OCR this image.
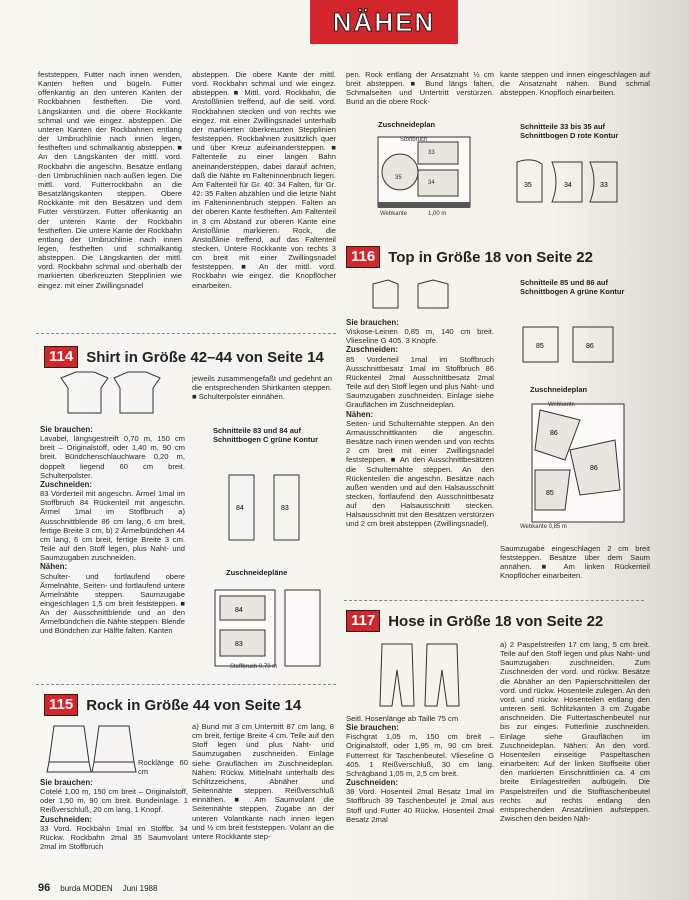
NÄHEN

feststeppen. Futter nach innen wenden, Kanten heften und bügeln. Futter offenkantig an den unteren Kanten der Rockbahnen festheften. Die vord. Längskanten und die obere Rockkante schmal und wie eingez. absteppen. Die unteren Kanten der Rockbahnen entlang der Umbruchlinie nach innen legen, festheften und schmalkantig absteppen. ■ An den Längskanten der mittl. vord. Rockbahn die angeschn. Besätze entlang den Umbruchlinien nach außen legen. Die mittl. vord. Futterrockbahn an die Besatzlängskanten steppen. Obere Rockkante mit den Besätzen und dem Futter verstürzen. Futter offenkantig an der unteren Kante der Rockbahn festheften. Die untere Kante der Rockbahn entlang der Umbruchlinie nach innen legen, festheften und schmalkantig absteppen. Die Längskanten der mittl. vord. Rockbahn schmal und oberhalb der markierten überkreuzten Stepplinien wie eingez. mit einer Zwillingsnadel

absteppen. Die obere Kante der mittl. vord. Rockbahn schmal und wie eingez. absteppen. ■ Mittl. vord. Rockbahn, die Anstoßlinien treffend, auf die seitl. vord. Rockbahnen stecken und von rechts wie eingez. mit einer Zwillingsnadel unterhalb der markierten überkreuzten Stepplinien feststeppen. Rockbahnen zusätzlich quer und über Kreuz aufeinandersteppen. ■ Faltenteile zu einer langen Bahn aneinandersteppen, dabei darauf achten, daß die Nähte im Falteninnenbruch liegen. Am Faltenteil für Gr. 40: 34 Falten, für Gr. 42: 35 Falten abzählen und die letzte Naht im Falteninnenbruch steppen. Falten an der oberen Kante festheften. Am Faltenteil in 3 cm Abstand zur oberen Kante eine Anstoßlinie markieren. Rock, die Anstoßlinie treffend, auf das Faltenteil stecken. Untere Rockkante von rechts 3 cm breit mit einer Zwillingsnadel feststeppen. ■ An der mittl. vord. Rockbahn wie eingez. die Knopflöcher einarbeiten.

pen. Rock entlang der Ansatznaht ½ cm breit absteppen. ■ Bund längs falten, Schmalseiten und Untertritt verstürzen. Bund an die obere Rock-

kante steppen und innen eingeschlagen auf die Ansatznaht nähen. Bund schmal absteppen. Knopfloch einarbeiten.

Zuschneideplan
33
34
35
Stoffbruch
Webkante	1,00 m
Schnitteile 33 bis 35 auf Schnittbogen D rote Kontur
35	34	33
116 Top in Größe 18 von Seite 22

Sie brauchen:

Viskose-Leinen 0,85 m, 140 cm breit. Vlieseline G 405. 3 Knöpfe.

Zuschneiden:

85 Vorderteil 1mal im Stoffbruch Ausschnittbesatz 1mal im Stoffbruch 86 Rückenteil 2mal Ausschnittbesatz 2mal Teile auf den Stoff legen und plus Naht- und Saumzugaben zuschneiden. Einlage siehe Grauflächen im Zuschneideplan.

Nähen:

Seiten- und Schulternähte steppen. An den Armausschnittkanten die angeschn. Besätze nach innen wenden und von rechts 2 cm breit mit einer Zwillingsnadel feststeppen. ■ An den Ausschnittbesätzen die Schulternähte steppen. An den Rückenteilen die angeschn. Besätze nach außen wenden und auf den Halsausschnitt stecken, fortlaufend den Ausschnittbesatz auf den Halsausschnitt stecken. Halsausschnitt mit den Besätzen verstürzen und 2 cm breit absteppen (Zwillingsnadel).

Schnitteile 85 und 86 auf Schnittbogen A grüne Kontur
85	86
Zuschneideplan
86
86
85
Webkante
Webkante 0,85 m

Saumzugabe eingeschlagen 2 cm breit feststeppen. Besätze über dem Saum annähen. ■ Am linken Rückenteil Knopflöcher einarbeiten.

114 Shirt in Größe 42–44 von Seite 14

Sie brauchen:

Lavabel, längsgestreift 0,70 m, 150 cm breit – Originalstoff, oder 1,40 m, 90 cm breit. Bündchenschlauchware 0,20 m, doppelt liegend 60 cm breit. Schulterpolster.

Zuschneiden:

83 Vorderteil mit angeschn. Ärmel 1mal im Stoffbruch 84 Rückenteil mit angeschn. Ärmel 1mal im Stoffbruch a) Ausschnittblende 86 cm lang, 6 cm breit, fertige Breite 3 cm, b) 2 Ärmelbündchen 44 cm lang, 6 cm breit, fertige Breite 3 cm. Teile auf den Stoff legen, plus Naht- und Saumzugaben zuschneiden.

Nähen:

Schulter- und fortlaufend obere Ärmelnähte, Seiten- und fortlaufend untere Ärmelnähte steppen. Saumzugabe eingeschlagen 1,5 cm breit feststeppen. ■ An der Ausschnittblende und an den Ärmelbündchen die Nähte steppen. Blende und Bündchen zur Hälfte falten. Kanten

jeweils zusammengefaßt und gedehnt an die entsprechenden Shirtkanten steppen. ■ Schulterpolster einnähen.

Schnitteile 83 und 84 auf Schnittbogen C grüne Kontur
84	83
Zuschneidepläne
84
83
Stoffbruch 0,70 m
115 Rock in Größe 44 von Seite 14

Rocklänge 60 cm

Sie brauchen:

Cotelé 1,00 m, 150 cm breit – Originalstoff, oder 1,50 m, 90 cm breit. Bundeinlage. 1 Reißverschluß, 20 cm lang. 1 Knopf.

Zuschneiden:

33 Vord. Rockbahn 1mal im Stoffbr. 34 Rückw. Rockbahn 2mal 35 Saumvolant 2mal im Stoffbruch

a) Bund mit 3 cm Untertritt 87 cm lang, 8 cm breit, fertige Breite 4 cm. Teile auf den Stoff legen und plus Naht- und Saumzugaben zuschneiden. Einlage siehe Grauflächen im Zuschneideplan. Nähen: Rückw. Mittelnaht unterhalb des Schlitzzeichens, Abnäher und Seitennähte steppen. Reißverschluß einnähen. ■ Am Saumvolant die Seitennähte steppen. Zugabe an der unteren Volantkante nach innen legen und ½ cm breit feststeppen. Volant an die untere Rockkante step-

117 Hose in Größe 18 von Seite 22

Seitl. Hosenlänge ab Taille 75 cm

Sie brauchen:

Fischgrat 1,05 m, 150 cm breit – Originalstoff, oder 1,95 m, 90 cm breit. Futterrest für Taschenbeutel. Vlieseline G 405. 1 Reißverschluß, 30 cm lang. Schrägband 1,05 m, 2,5 cm breit.

Zuschneiden:

38 Vord. Hosenteil 2mal Besatz 1mal im Stoffbruch 39 Taschenbeutel je 2mal aus Stoff und Futter 40 Rückw. Hosenteil 2mal Besatz 2mal

a) 2 Paspelstreifen 17 cm lang, 5 cm breit. Teile auf den Stoff legen und plus Naht- und Saumzugaben zuschneiden. Zum Zuschneiden der vord. und rückw. Besätze die Abnäher an den Papierschnitteilen der vord. und rückw. Hosenteile zulegen. An den vord. und rückw. Hosenteilen entlang den unteren seitl. Schlitzkanten 3 cm Zugabe anschneiden. Die Futtertaschenbeutel nur bis zur einges. Futterlinie zuschneiden. Einlage siehe Grauflächen im Zuschneideplan. Nähen: An den vord. Hosenteilen einseitige Paspeltaschen einarbeiten: Auf der linken Stoffseite über den markierten Einschnittlinien ca. 4 cm breite Einlagestreifen aufbügeln. Die Paspelstreifen und die Stofftaschenbeutel rechts auf rechts entlang den entsprechenden Ansatzlinien aufsteppen. Zwischen den beiden Näh-

96 burda MODEN Juni 1988
